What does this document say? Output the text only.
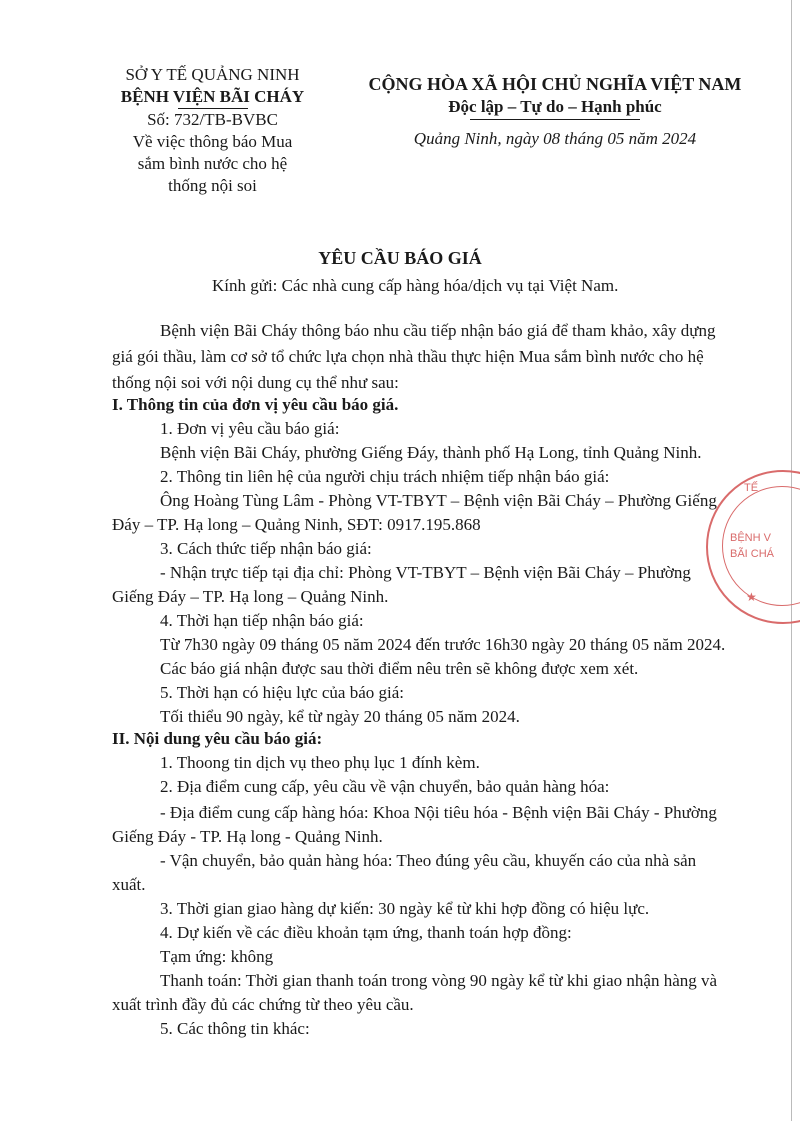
SỞ Y TẾ QUẢNG NINH
BỆNH VIỆN BÃI CHÁY
Số: 732/TB-BVBC
Về việc thông báo Mua
sắm bình nước cho hệ
thống nội soi
CỘNG HÒA XÃ HỘI CHỦ NGHĨA VIỆT NAM
Độc lập – Tự do – Hạnh phúc
Quảng Ninh, ngày 08 tháng 05 năm 2024
YÊU CẦU BÁO GIÁ
Kính gửi: Các nhà cung cấp hàng hóa/dịch vụ tại Việt Nam.
Bệnh viện Bãi Cháy thông báo nhu cầu tiếp nhận báo giá để tham khảo, xây dựng
giá gói thầu, làm cơ sở tổ chức lựa chọn nhà thầu thực hiện Mua sắm bình nước cho hệ
thống nội soi với nội dung cụ thể như sau:
I. Thông tin của đơn vị yêu cầu báo giá.
1. Đơn vị yêu cầu báo giá:
Bệnh viện Bãi Cháy, phường Giếng Đáy, thành phố Hạ Long, tỉnh Quảng Ninh.
2. Thông tin liên hệ của người chịu trách nhiệm tiếp nhận báo giá:
Ông Hoàng Tùng Lâm - Phòng VT-TBYT – Bệnh viện Bãi Cháy – Phường Giếng
Đáy – TP. Hạ long – Quảng Ninh, SĐT: 0917.195.868
3. Cách thức tiếp nhận báo giá:
- Nhận trực tiếp tại địa chỉ: Phòng VT-TBYT – Bệnh viện Bãi Cháy – Phường
Giếng Đáy – TP. Hạ long – Quảng Ninh.
4. Thời hạn tiếp nhận báo giá:
Từ 7h30 ngày 09 tháng 05 năm 2024 đến trước 16h30 ngày 20 tháng 05 năm 2024.
Các báo giá nhận được sau thời điểm nêu trên sẽ không được xem xét.
5. Thời hạn có hiệu lực của báo giá:
Tối thiểu 90 ngày, kể từ ngày 20 tháng 05 năm 2024.
II. Nội dung yêu cầu báo giá:
1. Thoong tin dịch vụ theo phụ lục 1 đính kèm.
2. Địa điểm cung cấp, yêu cầu về vận chuyển, bảo quản hàng hóa:
- Địa điểm cung cấp hàng hóa: Khoa Nội tiêu hóa - Bệnh viện Bãi Cháy - Phường
Giếng Đáy - TP. Hạ long - Quảng Ninh.
- Vận chuyển, bảo quản hàng hóa: Theo đúng yêu cầu, khuyến cáo của nhà sản
xuất.
3. Thời gian giao hàng dự kiến: 30 ngày kể từ khi hợp đồng có hiệu lực.
4. Dự kiến về các điều khoản tạm ứng, thanh toán hợp đồng:
Tạm ứng: không
Thanh toán: Thời gian thanh toán trong vòng 90 ngày kể từ khi giao nhận hàng và
xuất trình đầy đủ các chứng từ theo yêu cầu.
5. Các thông tin khác:
TẾ
BỆNH V
BÃI CHÁ
★
